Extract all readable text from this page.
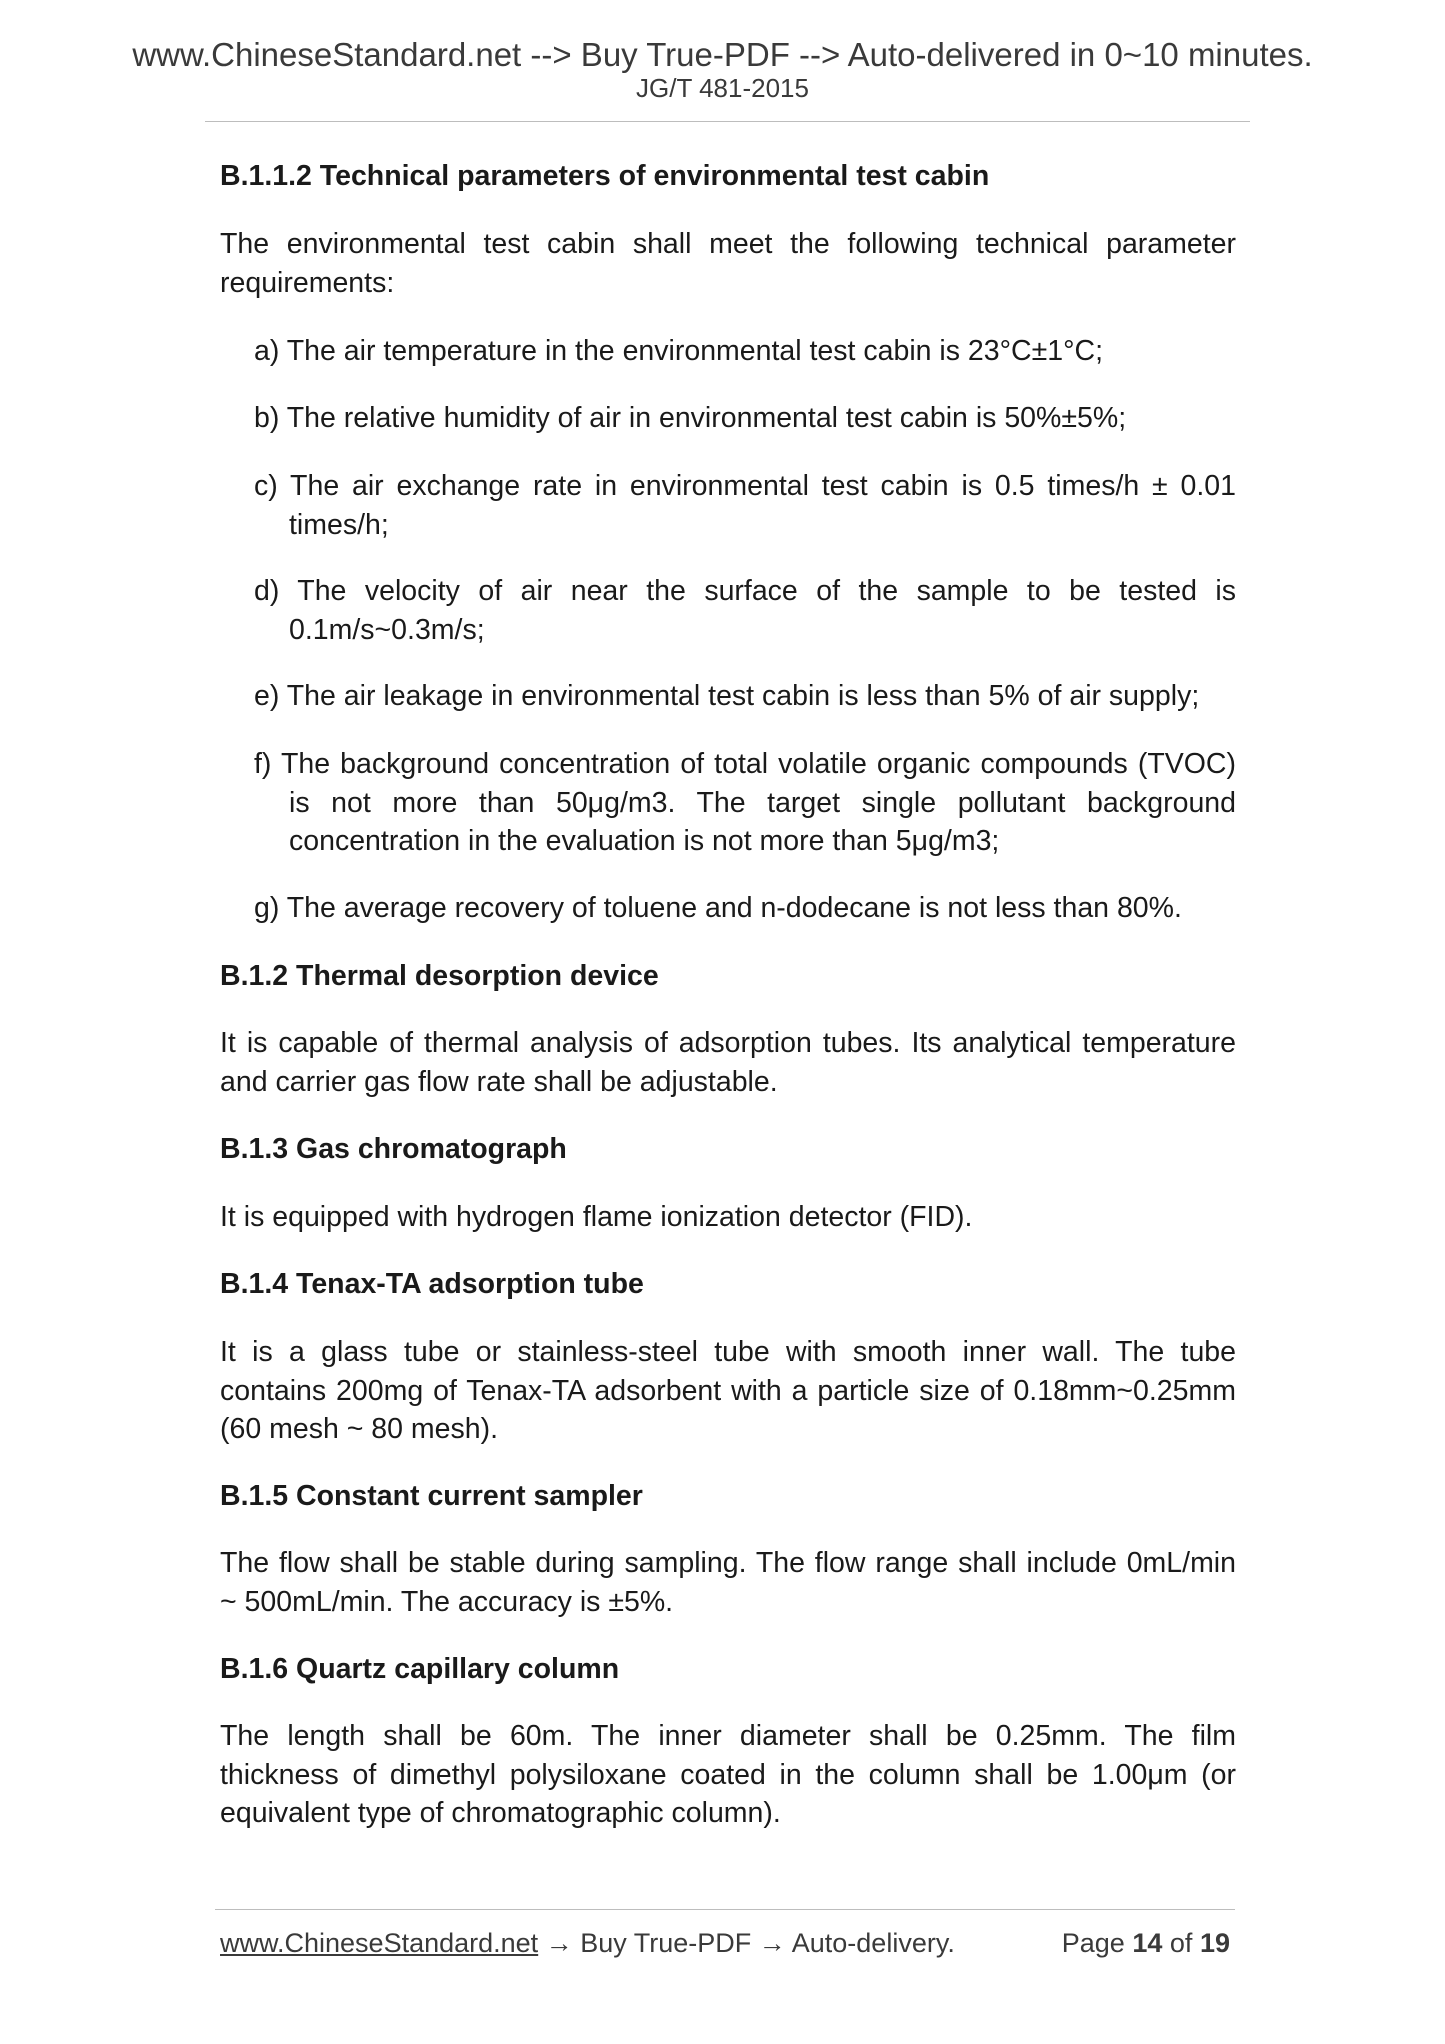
www.ChineseStandard.net --> Buy True-PDF --> Auto-delivered in 0~10 minutes.
JG/T 481-2015
B.1.1.2 Technical parameters of environmental test cabin
The environmental test cabin shall meet the following technical parameter requirements:
a) The air temperature in the environmental test cabin is 23°C±1°C;
b) The relative humidity of air in environmental test cabin is 50%±5%;
c) The air exchange rate in environmental test cabin is 0.5 times/h ± 0.01 times/h;
d) The velocity of air near the surface of the sample to be tested is 0.1m/s~0.3m/s;
e) The air leakage in environmental test cabin is less than 5% of air supply;
f) The background concentration of total volatile organic compounds (TVOC) is not more than 50μg/m3. The target single pollutant background concentration in the evaluation is not more than 5μg/m3;
g) The average recovery of toluene and n-dodecane is not less than 80%.
B.1.2 Thermal desorption device
It is capable of thermal analysis of adsorption tubes. Its analytical temperature and carrier gas flow rate shall be adjustable.
B.1.3 Gas chromatograph
It is equipped with hydrogen flame ionization detector (FID).
B.1.4 Tenax-TA adsorption tube
It is a glass tube or stainless-steel tube with smooth inner wall. The tube contains 200mg of Tenax-TA adsorbent with a particle size of 0.18mm~0.25mm (60 mesh ~ 80 mesh).
B.1.5 Constant current sampler
The flow shall be stable during sampling. The flow range shall include 0mL/min ~ 500mL/min. The accuracy is ±5%.
B.1.6 Quartz capillary column
The length shall be 60m. The inner diameter shall be 0.25mm. The film thickness of dimethyl polysiloxane coated in the column shall be 1.00μm (or equivalent type of chromatographic column).
www.ChineseStandard.net → Buy True-PDF → Auto-delivery.	Page 14 of 19
